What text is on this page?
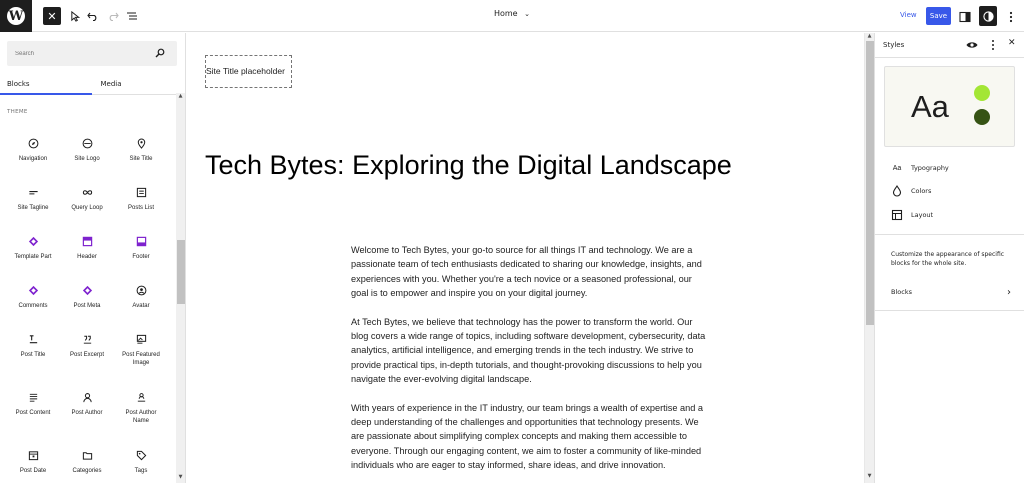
W ✕	Home ⌄	View	Save
Search
Blocks	Media
THEME
Navigation	Site Logo	Site Title
Site Tagline	Query Loop	Posts List
Template Part	Header	Footer
Comments	Post Meta	Avatar
Post Title	Post Excerpt	Post Featured Image
Post Content	Post Author	Post Author Name
Post Date	Categories	Tags
▲
▼
Site Title placeholder
Tech Bytes: Exploring the Digital Landscape

Welcome to Tech Bytes, your go-to source for all things IT and technology. We are a passionate team of tech enthusiasts dedicated to sharing our knowledge, insights, and experiences with you. Whether you're a tech novice or a seasoned professional, our goal is to empower and inspire you on your digital journey.

At Tech Bytes, we believe that technology has the power to transform the world. Our blog covers a wide range of topics, including software development, cybersecurity, data analytics, artificial intelligence, and emerging trends in the tech industry. We strive to provide practical tips, in-depth tutorials, and thought-provoking discussions to help you navigate the ever-evolving digital landscape.

With years of experience in the IT industry, our team brings a wealth of expertise and a deep understanding of the challenges and opportunities that technology presents. We are passionate about simplifying complex concepts and making them accessible to everyone. Through our engaging content, we aim to foster a community of like-minded individuals who are eager to stay informed, share ideas, and drive innovation.

▲
▼
Styles	✕
Aa
Aa Typography
Colors
Layout
Customize the appearance of specific blocks for the whole site.
Blocks	›
